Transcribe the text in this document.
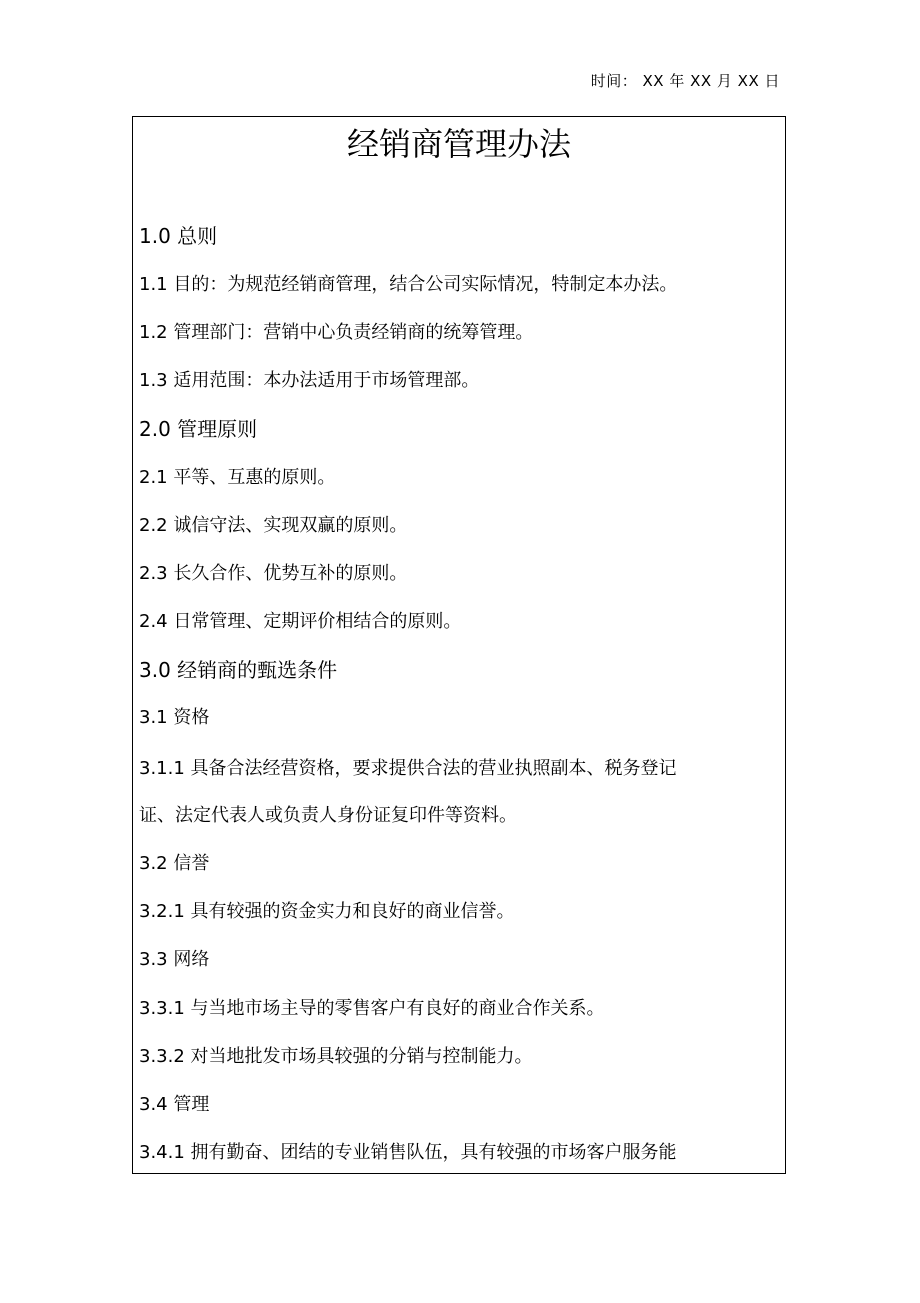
时间： XX 年 XX 月 XX 日
经销商管理办法
1.0 总则
1.1 目的：为规范经销商管理，结合公司实际情况，特制定本办法。
1.2 管理部门：营销中心负责经销商的统筹管理。
1.3 适用范围：本办法适用于市场管理部。
2.0 管理原则
2.1 平等、互惠的原则。
2.2 诚信守法、实现双赢的原则。
2.3 长久合作、优势互补的原则。
2.4 日常管理、定期评价相结合的原则。
3.0 经销商的甄选条件
3.1 资格
3.1.1 具备合法经营资格，要求提供合法的营业执照副本、税务登记
证、法定代表人或负责人身份证复印件等资料。
3.2 信誉
3.2.1 具有较强的资金实力和良好的商业信誉。
3.3 网络
3.3.1 与当地市场主导的零售客户有良好的商业合作关系。
3.3.2 对当地批发市场具较强的分销与控制能力。
3.4 管理
3.4.1 拥有勤奋、团结的专业销售队伍，具有较强的市场客户服务能
